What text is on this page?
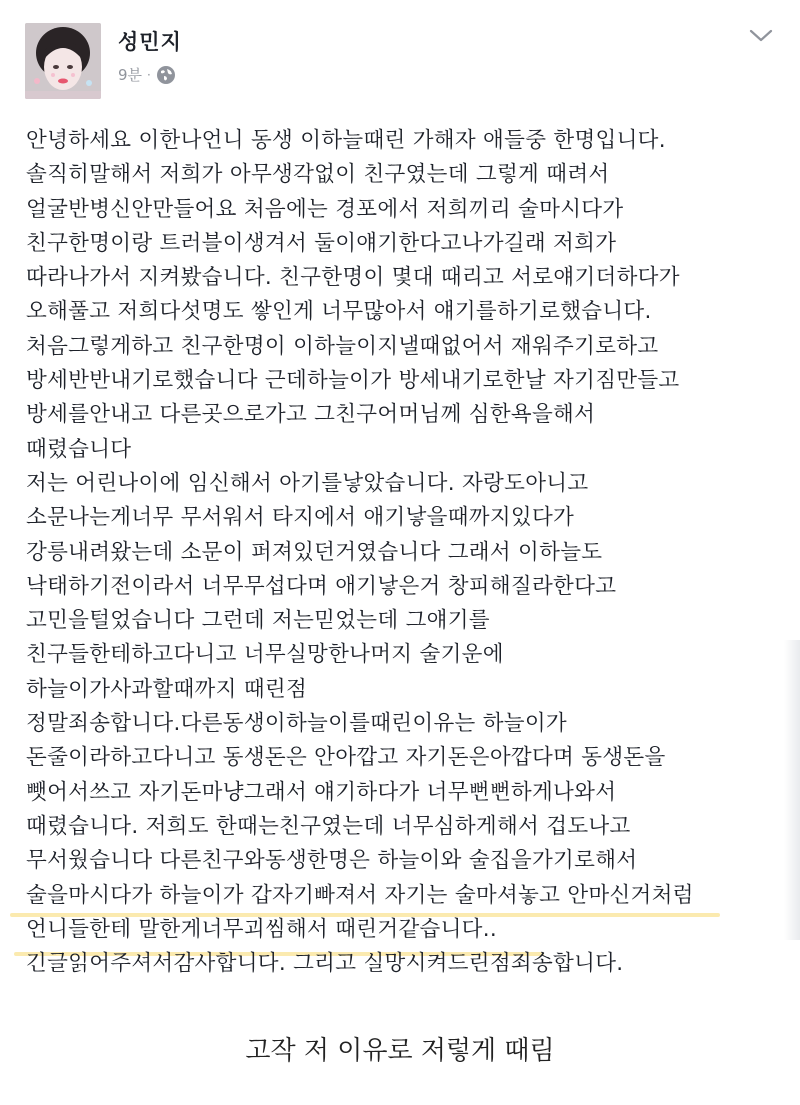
성민지
9분 ·
안녕하세요 이한나언니 동생 이하늘때린 가해자 애들중 한명입니다.
솔직히말해서 저희가 아무생각없이 친구였는데 그렇게 때려서
얼굴반병신안만들어요 처음에는 경포에서 저희끼리 술마시다가
친구한명이랑 트러블이생겨서 둘이얘기한다고나가길래 저희가
따라나가서 지켜봤습니다. 친구한명이 몇대 때리고 서로얘기더하다가
오해풀고 저희다섯명도 쌓인게 너무많아서 얘기를하기로했습니다.
처음그렇게하고 친구한명이 이하늘이지낼때없어서 재워주기로하고
방세반반내기로했습니다 근데하늘이가 방세내기로한날 자기짐만들고
방세를안내고 다른곳으로가고 그친구어머님께 심한욕을해서
때렸습니다
저는 어린나이에 임신해서 아기를낳았습니다. 자랑도아니고
소문나는게너무 무서워서 타지에서 애기낳을때까지있다가
강릉내려왔는데 소문이 퍼져있던거였습니다 그래서 이하늘도
낙태하기전이라서 너무무섭다며 애기낳은거 창피해질라한다고
고민을털었습니다 그런데 저는믿었는데 그얘기를
친구들한테하고다니고 너무실망한나머지 술기운에
하늘이가사과할때까지 때린점
정말죄송합니다.다른동생이하늘이를때린이유는 하늘이가
돈줄이라하고다니고 동생돈은 안아깝고 자기돈은아깝다며 동생돈을
뺏어서쓰고 자기돈마냥그래서 얘기하다가 너무뻔뻔하게나와서
때렸습니다. 저희도 한때는친구였는데 너무심하게해서 겁도나고
무서웠습니다 다른친구와동생한명은 하늘이와 술집을가기로해서
술을마시다가 하늘이가 갑자기빠져서 자기는 술마셔놓고 안마신거처럼
언니들한테 말한게너무괴씸해서 때린거같습니다..
긴글읽어주셔서감사합니다. 그리고 실망시켜드린점죄송합니다.
고작 저 이유로 저렇게 때림
